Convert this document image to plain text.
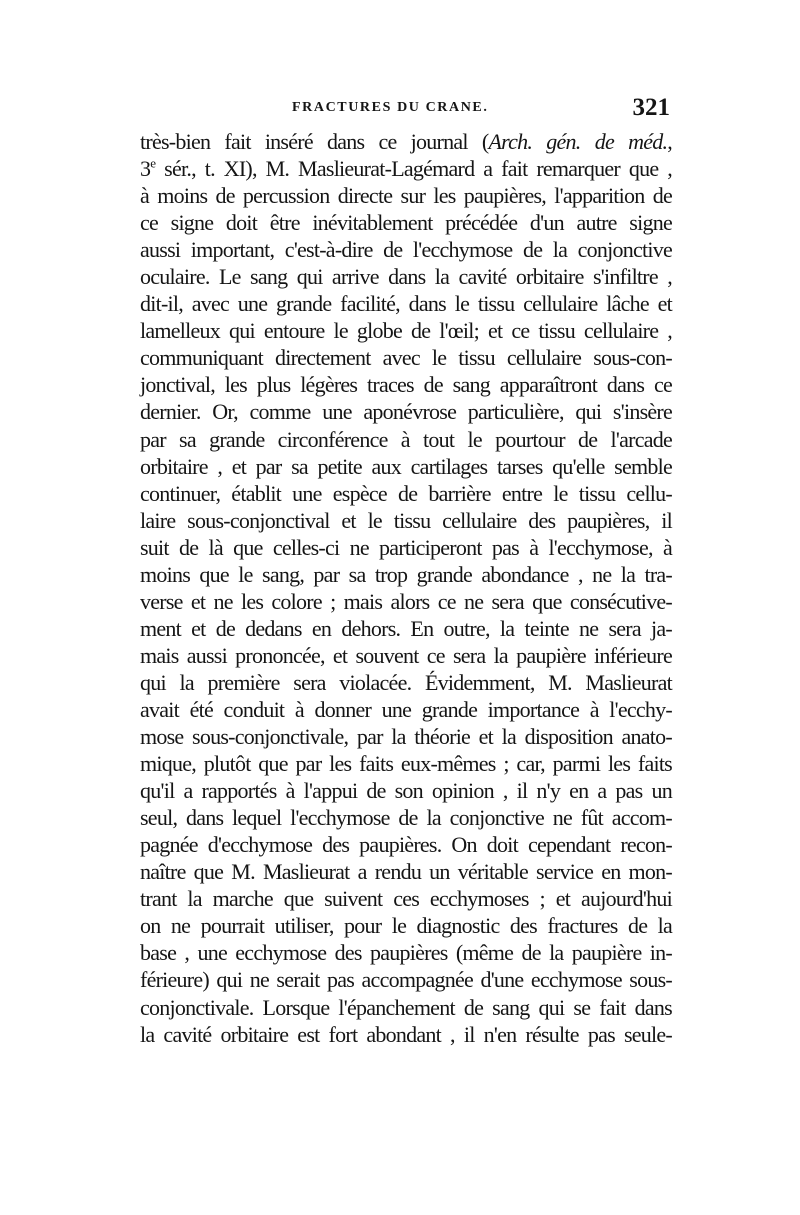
FRACTURES DU CRANE.	321
très-bien fait inséré dans ce journal (Arch. gén. de méd.,
3e sér., t. XI), M. Maslieurat-Lagémard a fait remarquer que ,
à moins de percussion directe sur les paupières, l'apparition de
ce signe doit être inévitablement précédée d'un autre signe
aussi important, c'est-à-dire de l'ecchymose de la conjonctive
oculaire. Le sang qui arrive dans la cavité orbitaire s'infiltre ,
dit-il, avec une grande facilité, dans le tissu cellulaire lâche et
lamelleux qui entoure le globe de l'œil; et ce tissu cellulaire ,
communiquant directement avec le tissu cellulaire sous-con-
jonctival, les plus légères traces de sang apparaîtront dans ce
dernier. Or, comme une aponévrose particulière, qui s'insère
par sa grande circonférence à tout le pourtour de l'arcade
orbitaire , et par sa petite aux cartilages tarses qu'elle semble
continuer, établit une espèce de barrière entre le tissu cellu-
laire sous-conjonctival et le tissu cellulaire des paupières, il
suit de là que celles-ci ne participeront pas à l'ecchymose, à
moins que le sang, par sa trop grande abondance , ne la tra-
verse et ne les colore ; mais alors ce ne sera que consécutive-
ment et de dedans en dehors. En outre, la teinte ne sera ja-
mais aussi prononcée, et souvent ce sera la paupière inférieure
qui la première sera violacée. Évidemment, M. Maslieurat
avait été conduit à donner une grande importance à l'ecchy-
mose sous-conjonctivale, par la théorie et la disposition anato-
mique, plutôt que par les faits eux-mêmes ; car, parmi les faits
qu'il a rapportés à l'appui de son opinion , il n'y en a pas un
seul, dans lequel l'ecchymose de la conjonctive ne fût accom-
pagnée d'ecchymose des paupières. On doit cependant recon-
naître que M. Maslieurat a rendu un véritable service en mon-
trant la marche que suivent ces ecchymoses ; et aujourd'hui
on ne pourrait utiliser, pour le diagnostic des fractures de la
base , une ecchymose des paupières (même de la paupière in-
férieure) qui ne serait pas accompagnée d'une ecchymose sous-
conjonctivale. Lorsque l'épanchement de sang qui se fait dans
la cavité orbitaire est fort abondant , il n'en résulte pas seule-
